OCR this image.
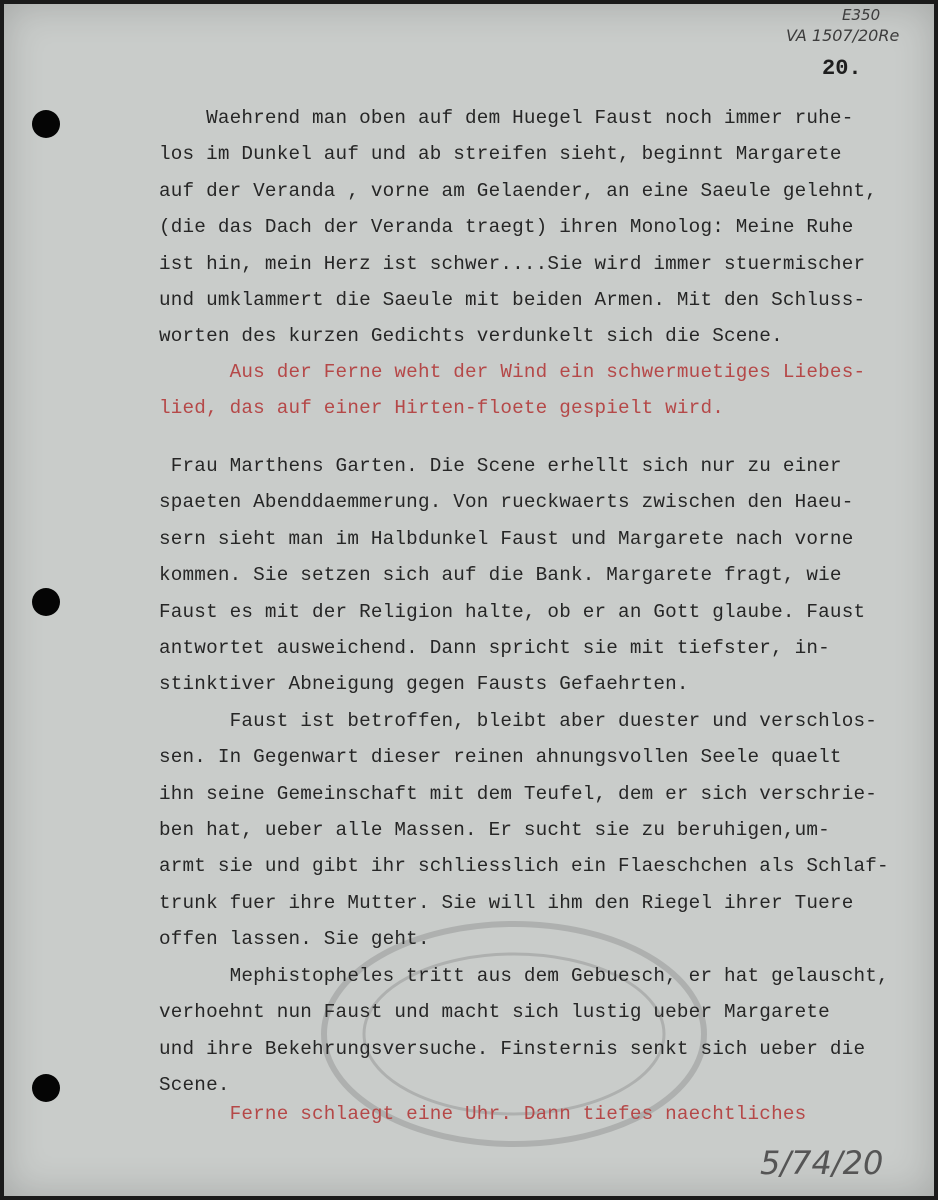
E350
VA 1507/20Re
20.
Waehrend man oben auf dem Huegel Faust noch immer ruhe-
los im Dunkel auf und ab streifen sieht, beginnt Margarete
auf der Veranda , vorne am Gelaender, an eine Saeule gelehnt,
(die das Dach der Veranda traegt) ihren Monolog: Meine Ruhe
ist hin, mein Herz ist schwer....Sie wird immer stuermischer
und umklammert die Saeule mit beiden Armen. Mit den Schluss-
worten des kurzen Gedichts verdunkelt sich die Scene.
Aus der Ferne weht der Wind ein schwermuetiges Liebes-
lied, das auf einer Hirten-floete gespielt wird.
Frau Marthens Garten. Die Scene erhellt sich nur zu einer
spaeten Abenddaemmerung. Von rueckwaerts zwischen den Haeu-
sern sieht man im Halbdunkel Faust und Margarete nach vorne
kommen. Sie setzen sich auf die Bank. Margarete fragt, wie
Faust es mit der Religion halte, ob er an Gott glaube. Faust
antwortet ausweichend. Dann spricht sie mit tiefster, in-
stinktiver Abneigung gegen Fausts Gefaehrten.
Faust ist betroffen, bleibt aber duester und verschlos-
sen. In Gegenwart dieser reinen ahnungsvollen Seele quaelt
ihn seine Gemeinschaft mit dem Teufel, dem er sich verschrie-
ben hat, ueber alle Massen. Er sucht sie zu beruhigen,um-
armt sie und gibt ihr schliesslich ein Flaeschchen als Schlaf-
trunk fuer ihre Mutter. Sie will ihm den Riegel ihrer Tuere
offen lassen. Sie geht.
Mephistopheles tritt aus dem Gebuesch, er hat gelauscht,
verhoehnt nun Faust und macht sich lustig ueber Margarete
und ihre Bekehrungsversuche. Finsternis senkt sich ueber die
Scene.
Ferne schlaegt eine Uhr. Dann tiefes naechtliches
5/74/20
